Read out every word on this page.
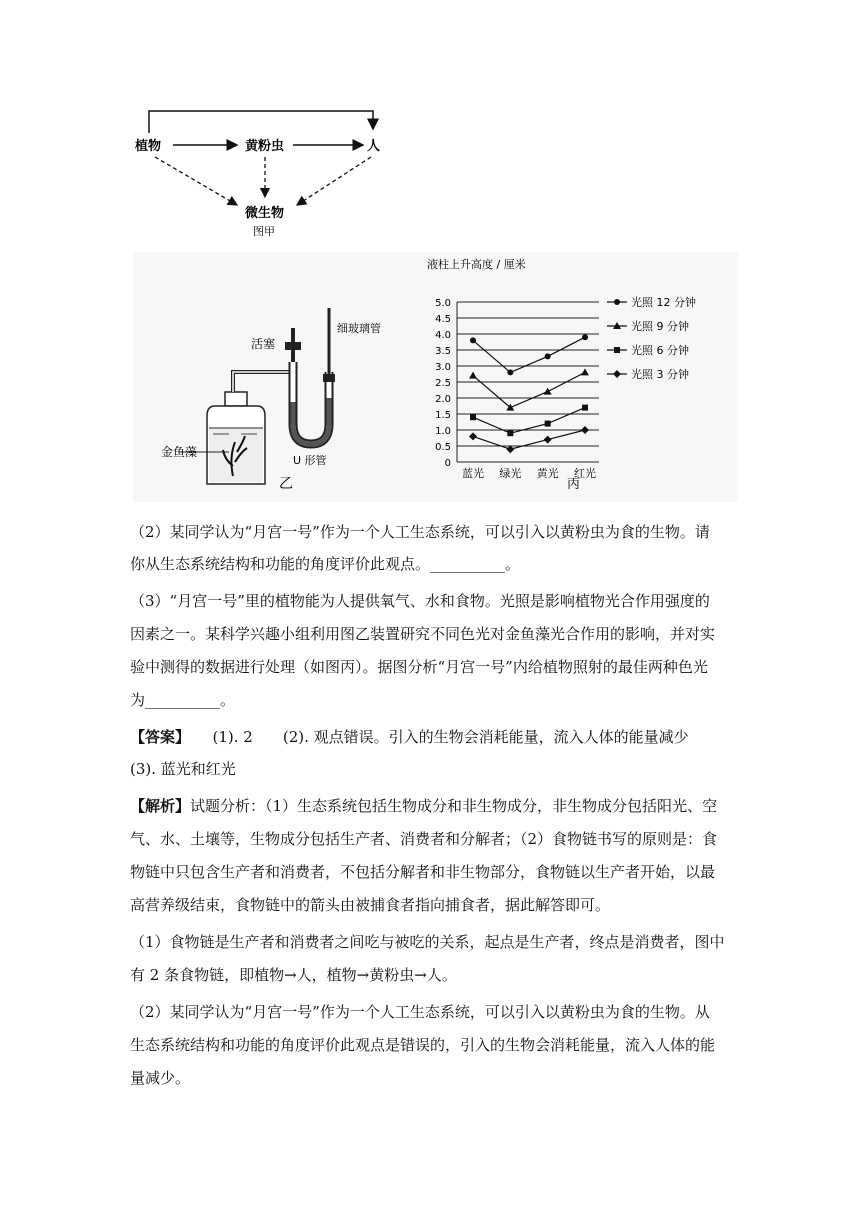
植物	黄粉虫	人
微生物
图甲
活塞
细玻璃管
U 形管
金鱼藻
乙
液柱上升高度 / 厘米
0
0.5
1.0
1.5
2.0
2.5
3.0
3.5
4.0
4.5
5.0
蓝光 绿光 黄光 红光
光照 12 分钟
光照 9 分钟
光照 6 分钟
光照 3 分钟
丙
（2）某同学认为“月宫一号”作为一个人工生态系统，可以引入以黄粉虫为食的生物。请
你从生态系统结构和功能的角度评价此观点。__________。
（3）“月宫一号”里的植物能为人提供氧气、水和食物。光照是影响植物光合作用强度的
因素之一。某科学兴趣小组利用图乙装置研究不同色光对金鱼藻光合作用的影响，并对实
验中测得的数据进行处理（如图丙）。据图分析“月宫一号”内给植物照射的最佳两种色光
为__________。
【答案】　　(1). 2　　(2). 观点错误。引入的生物会消耗能量，流入人体的能量减少
(3). 蓝光和红光
【解析】试题分析：（1）生态系统包括生物成分和非生物成分，非生物成分包括阳光、空
气、水、土壤等，生物成分包括生产者、消费者和分解者；（2）食物链书写的原则是：食
物链中只包含生产者和消费者，不包括分解者和非生物部分，食物链以生产者开始，以最
高营养级结束，食物链中的箭头由被捕食者指向捕食者，据此解答即可。
（1）食物链是生产者和消费者之间吃与被吃的关系，起点是生产者，终点是消费者，图中
有 2 条食物链，即植物→人，植物→黄粉虫→人。
（2）某同学认为“月宫一号”作为一个人工生态系统，可以引入以黄粉虫为食的生物。从
生态系统结构和功能的角度评价此观点是错误的，引入的生物会消耗能量，流入人体的能
量减少。
